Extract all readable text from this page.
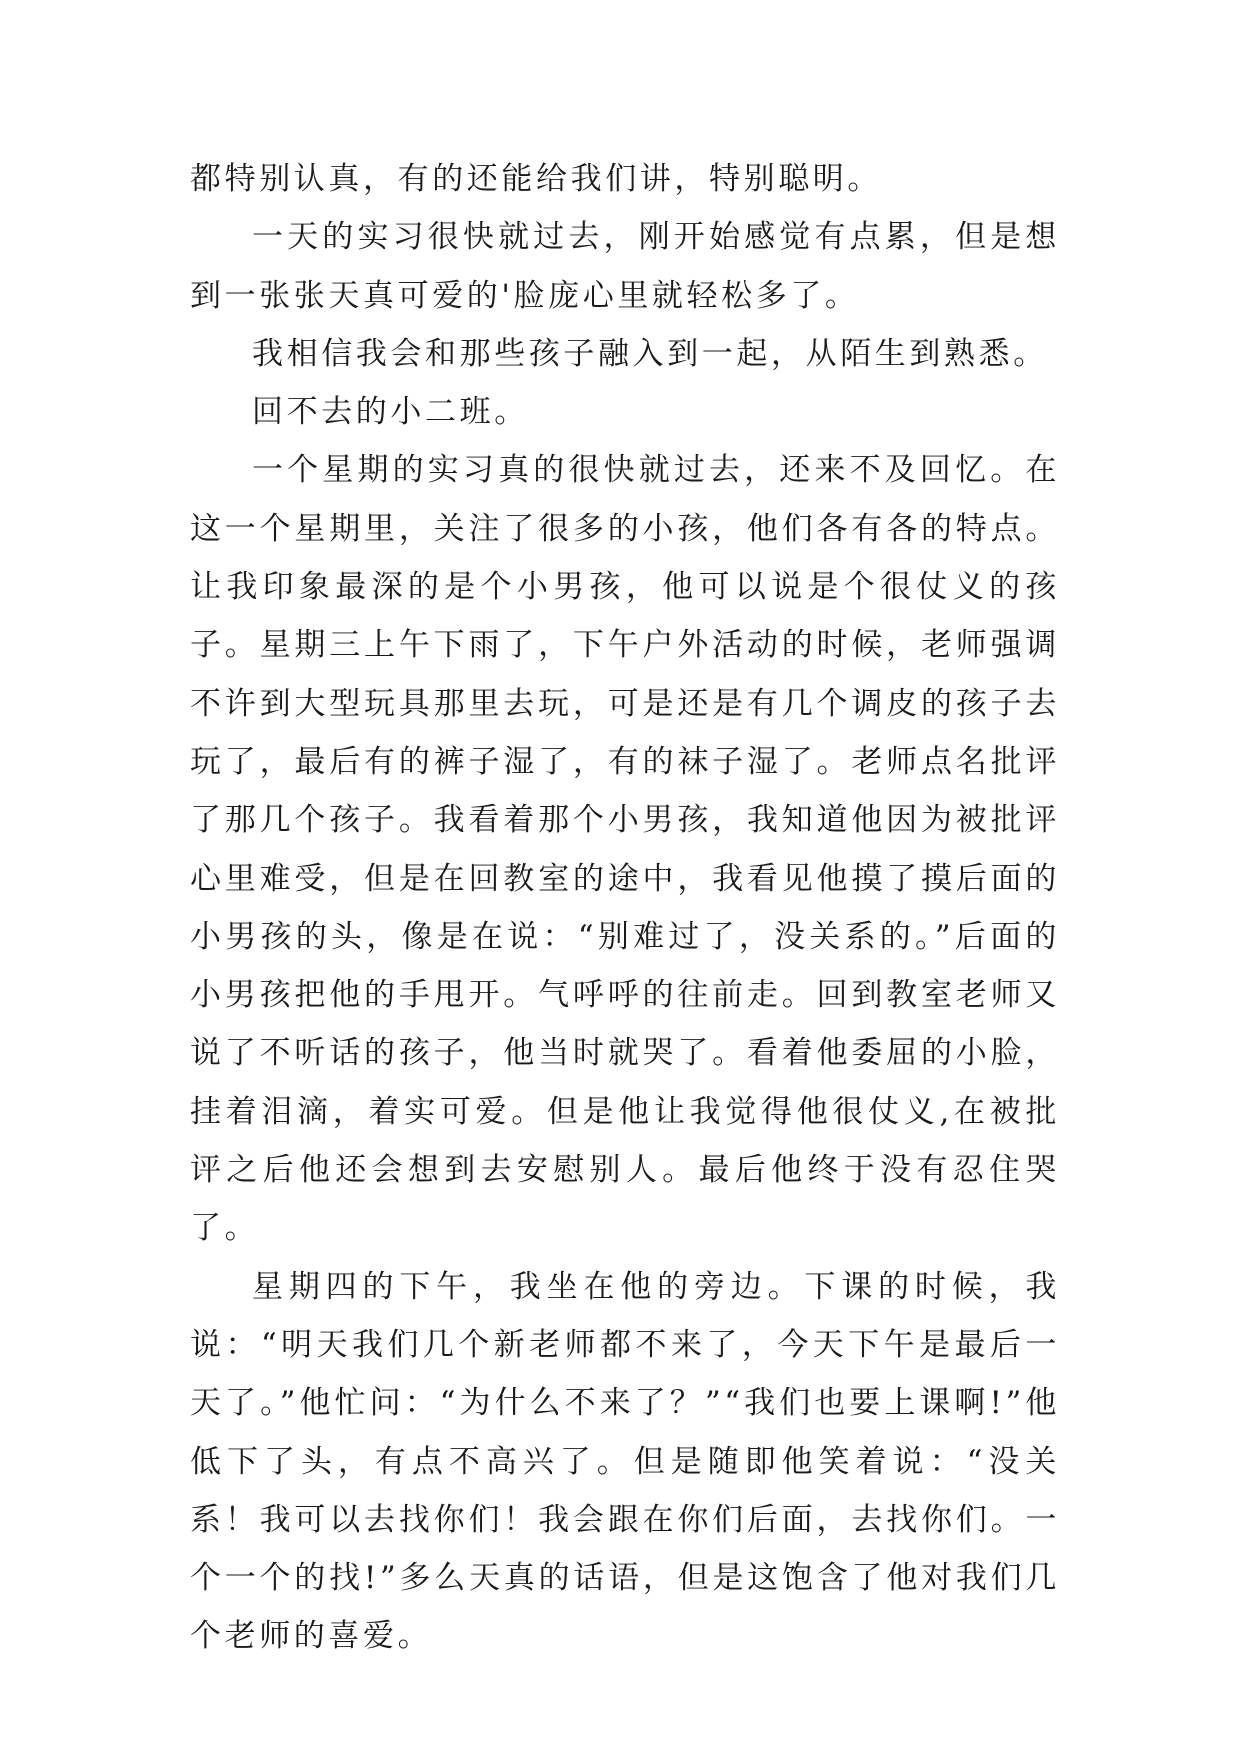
都特别认真，有的还能给我们讲，特别聪明。

一天的实习很快就过去，刚开始感觉有点累，但是想到一张张天真可爱的'脸庞心里就轻松多了。

我相信我会和那些孩子融入到一起，从陌生到熟悉。

回不去的小二班。

一个星期的实习真的很快就过去，还来不及回忆。在这一个星期里，关注了很多的小孩，他们各有各的特点。让我印象最深的是个小男孩，他可以说是个很仗义的孩子。星期三上午下雨了，下午户外活动的时候，老师强调不许到大型玩具那里去玩，可是还是有几个调皮的孩子去玩了，最后有的裤子湿了，有的袜子湿了。老师点名批评了那几个孩子。我看着那个小男孩，我知道他因为被批评心里难受，但是在回教室的途中，我看见他摸了摸后面的小男孩的头，像是在说：“别难过了，没关系的。”后面的小男孩把他的手甩开。气呼呼的往前走。回到教室老师又说了不听话的孩子，他当时就哭了。看着他委屈的小脸，挂着泪滴，着实可爱。但是他让我觉得他很仗义,在被批评之后他还会想到去安慰别人。最后他终于没有忍住哭了。

星期四的下午，我坐在他的旁边。下课的时候，我说：“明天我们几个新老师都不来了，今天下午是最后一天了。”他忙问：“为什么不来了？”“我们也要上课啊!”他低下了头，有点不高兴了。但是随即他笑着说：“没关系！我可以去找你们！我会跟在你们后面，去找你们。一个一个的找!”多么天真的话语，但是这饱含了他对我们几个老师的喜爱。
